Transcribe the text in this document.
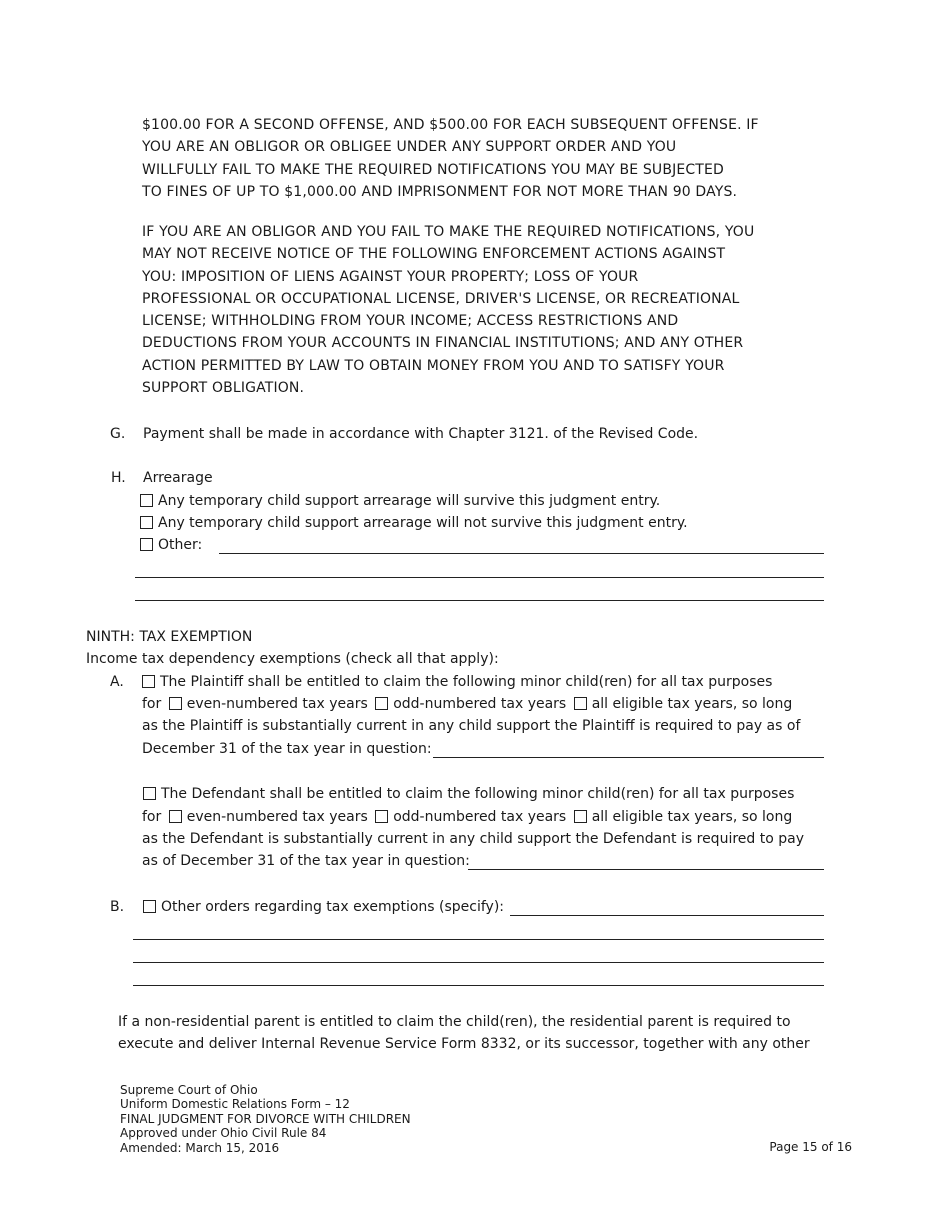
$100.00 FOR A SECOND OFFENSE, AND $500.00 FOR EACH SUBSEQUENT OFFENSE. IF
YOU ARE AN OBLIGOR OR OBLIGEE UNDER ANY SUPPORT ORDER AND YOU
WILLFULLY FAIL TO MAKE THE REQUIRED NOTIFICATIONS YOU MAY BE SUBJECTED
TO FINES OF UP TO $1,000.00 AND IMPRISONMENT FOR NOT MORE THAN 90 DAYS.
IF YOU ARE AN OBLIGOR AND YOU FAIL TO MAKE THE REQUIRED NOTIFICATIONS, YOU
MAY NOT RECEIVE NOTICE OF THE FOLLOWING ENFORCEMENT ACTIONS AGAINST
YOU: IMPOSITION OF LIENS AGAINST YOUR PROPERTY; LOSS OF YOUR
PROFESSIONAL OR OCCUPATIONAL LICENSE, DRIVER'S LICENSE, OR RECREATIONAL
LICENSE; WITHHOLDING FROM YOUR INCOME; ACCESS RESTRICTIONS AND
DEDUCTIONS FROM YOUR ACCOUNTS IN FINANCIAL INSTITUTIONS; AND ANY OTHER
ACTION PERMITTED BY LAW TO OBTAIN MONEY FROM YOU AND TO SATISFY YOUR
SUPPORT OBLIGATION.
G. Payment shall be made in accordance with Chapter 3121. of the Revised Code.
H. Arrearage
Any temporary child support arrearage will survive this judgment entry.
Any temporary child support arrearage will not survive this judgment entry.
Other:
NINTH: TAX EXEMPTION
Income tax dependency exemptions (check all that apply):
A.	The Plaintiff shall be entitled to claim the following minor child(ren) for all tax purposes
for even-numbered tax years odd-numbered tax years all eligible tax years, so long
as the Plaintiff is substantially current in any child support the Plaintiff is required to pay as of
December 31 of the tax year in question:
The Defendant shall be entitled to claim the following minor child(ren) for all tax purposes
for even-numbered tax years odd-numbered tax years all eligible tax years, so long
as the Defendant is substantially current in any child support the Defendant is required to pay
as of December 31 of the tax year in question:
B.	Other orders regarding tax exemptions (specify):
If a non-residential parent is entitled to claim the child(ren), the residential parent is required to
execute and deliver Internal Revenue Service Form 8332, or its successor, together with any other
Supreme Court of Ohio
Uniform Domestic Relations Form – 12
FINAL JUDGMENT FOR DIVORCE WITH CHILDREN
Approved under Ohio Civil Rule 84
Amended: March 15, 2016	Page 15 of 16
